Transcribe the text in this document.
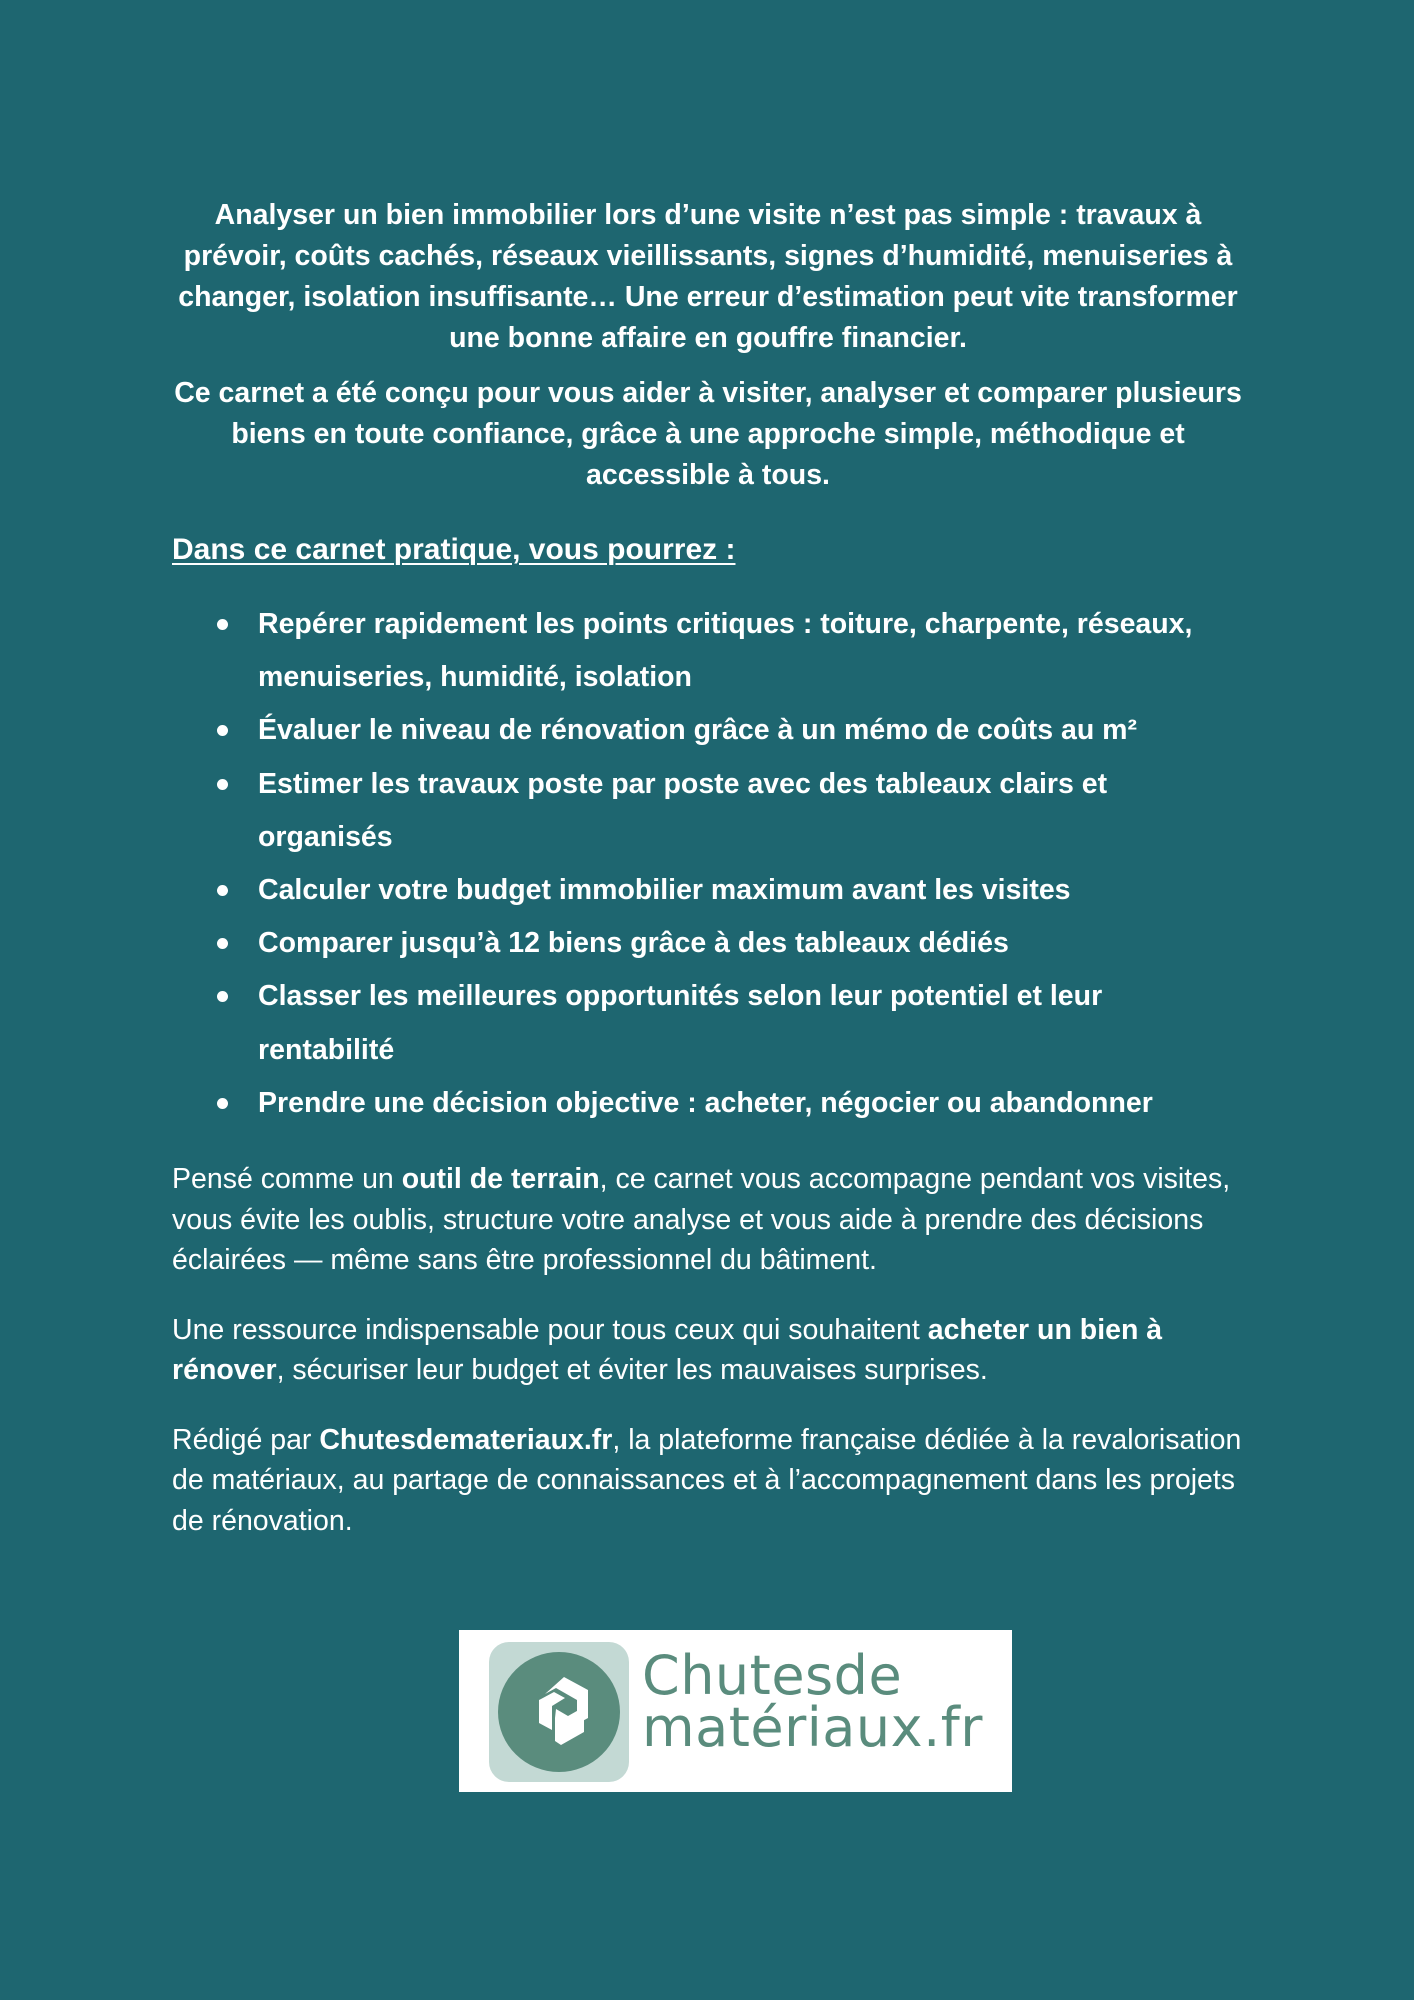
Analyser un bien immobilier lors d’une visite n’est pas simple : travaux à prévoir, coûts cachés, réseaux vieillissants, signes d’humidité, menuiseries à changer, isolation insuffisante… Une erreur d’estimation peut vite transformer une bonne affaire en gouffre financier.

Ce carnet a été conçu pour vous aider à visiter, analyser et comparer plusieurs biens en toute confiance, grâce à une approche simple, méthodique et accessible à tous.

Dans ce carnet pratique, vous pourrez :
Repérer rapidement les points critiques : toiture, charpente, réseaux, menuiseries, humidité, isolation
Évaluer le niveau de rénovation grâce à un mémo de coûts au m²
Estimer les travaux poste par poste avec des tableaux clairs et organisés
Calculer votre budget immobilier maximum avant les visites
Comparer jusqu’à 12 biens grâce à des tableaux dédiés
Classer les meilleures opportunités selon leur potentiel et leur rentabilité
Prendre une décision objective : acheter, négocier ou abandonner

Pensé comme un outil de terrain, ce carnet vous accompagne pendant vos visites, vous évite les oublis, structure votre analyse et vous aide à prendre des décisions éclairées — même sans être professionnel du bâtiment.

Une ressource indispensable pour tous ceux qui souhaitent acheter un bien à rénover, sécuriser leur budget et éviter les mauvaises surprises.

Rédigé par Chutesdemateriaux.fr, la plateforme française dédiée à la revalorisation de matériaux, au partage de connaissances et à l’accompagnement dans les projets de rénovation.

Chutesde
matériaux.fr
